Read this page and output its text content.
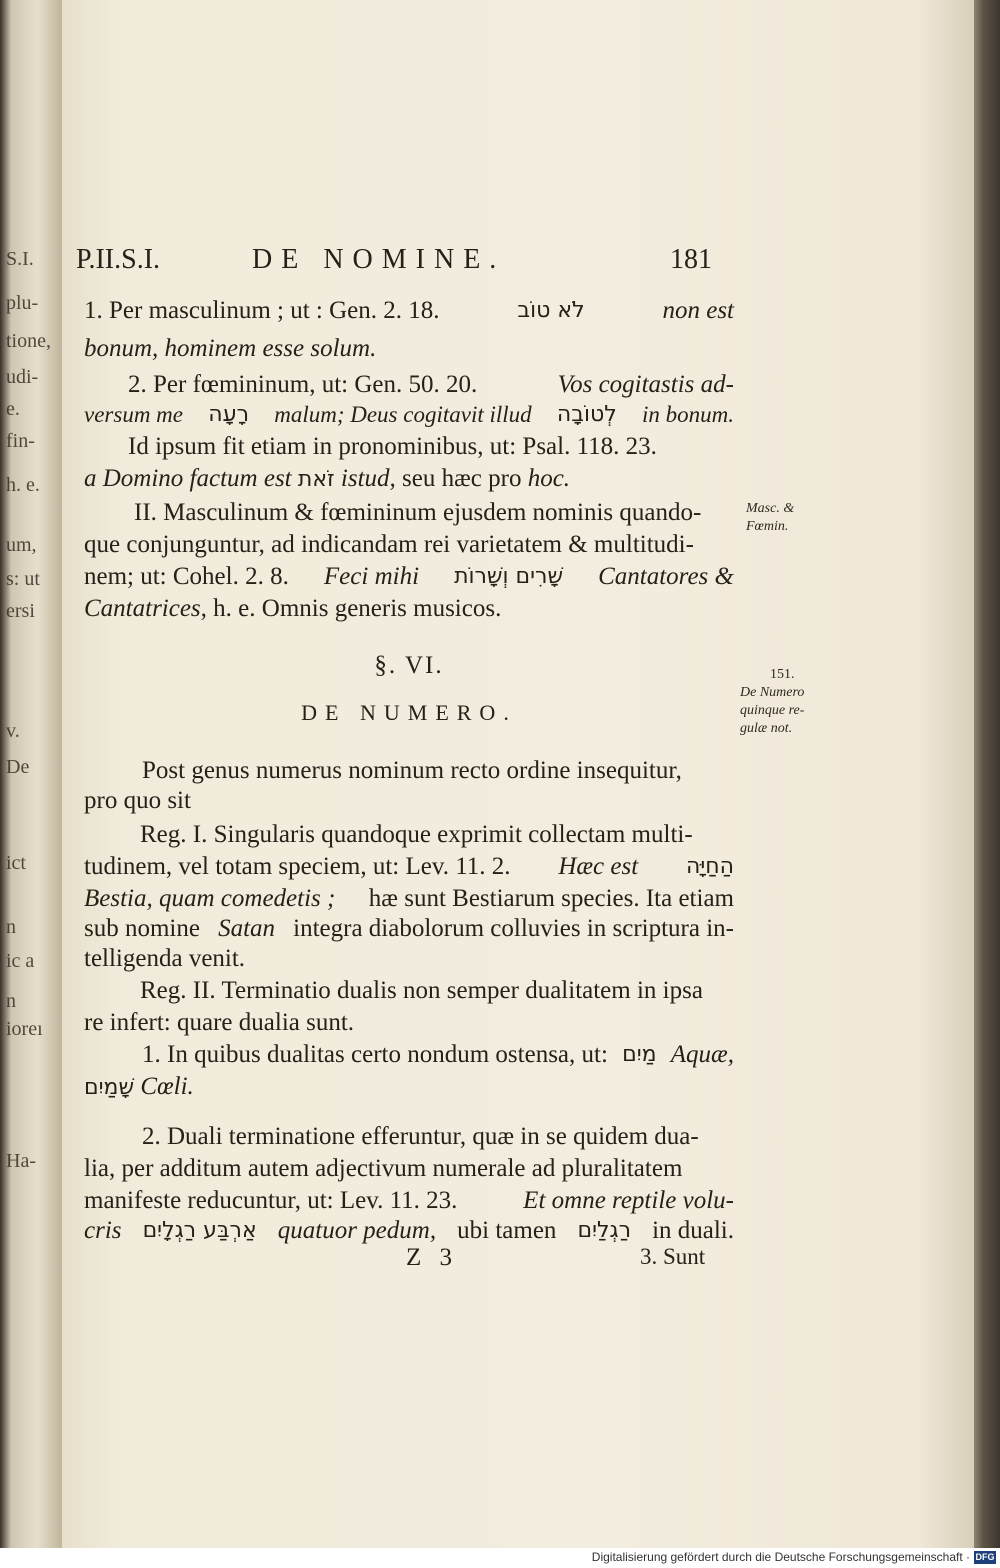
S.I.
plu-
tione,
udi-
e.
fin-
h. e.
um,
s: ut
ersi
v.
De
ict
n
ic a
n
ioreı
Ha-
P.II.S.I.	DE NOMINE.	181
1. Per masculinum ; ut : Gen. 2. 18.	לֹא טוֹב	non est
bonum, hominem esse solum.
2. Per fœmininum, ut: Gen. 50. 20.	Vos cogitastis ad-
versum me רָעָה malum; Deus cogitavit illud לְטוֹבָה in bonum.
Id ipsum fit etiam in pronominibus, ut: Psal. 118. 23.
a Domino factum est זֹאת istud, seu hæc pro hoc.
II. Masculinum & fœmininum ejusdem nominis quando-
que conjunguntur, ad indicandam rei varietatem & multitudi-
nem; ut: Cohel. 2. 8. Feci mihi שָׁרִים וְשָׁרוֹת Cantatores &
Cantatrices, h. e. Omnis generis musicos.
§. VI.
DE NUMERO.
Post genus numerus nominum recto ordine insequitur,
pro quo sit
Reg. I. Singularis quandoque exprimit collectam multi-
tudinem, vel totam speciem, ut: Lev. 11. 2. Hæc est הַחַיָּה
Bestia, quam comedetis ; hæ sunt Bestiarum species. Ita etiam
sub nomine Satan integra diabolorum colluvies in scriptura in-
telligenda venit.
Reg. II. Terminatio dualis non semper dualitatem in ipsa
re infert: quare dualia sunt.
1. In quibus dualitas certo nondum ostensa, ut: מַיִם Aquæ,
שָׁמַיִם Cœli.
2. Duali terminatione efferuntur, quæ in se quidem dua-
lia, per additum autem adjectivum numerale ad pluralitatem
manifeste reducuntur, ut: Lev. 11. 23.	Et omne reptile volu-
cris אַרְבַּע רַגְלָיִם quatuor pedum, ubi tamen רַגְלַיִם in duali.
Z 3	3. Sunt
Masc. &
Fœmin.
151.
De Numero
quinque re-
gulæ not.
Digitalisierung gefördert durch die Deutsche Forschungsgemeinschaft · DFG
